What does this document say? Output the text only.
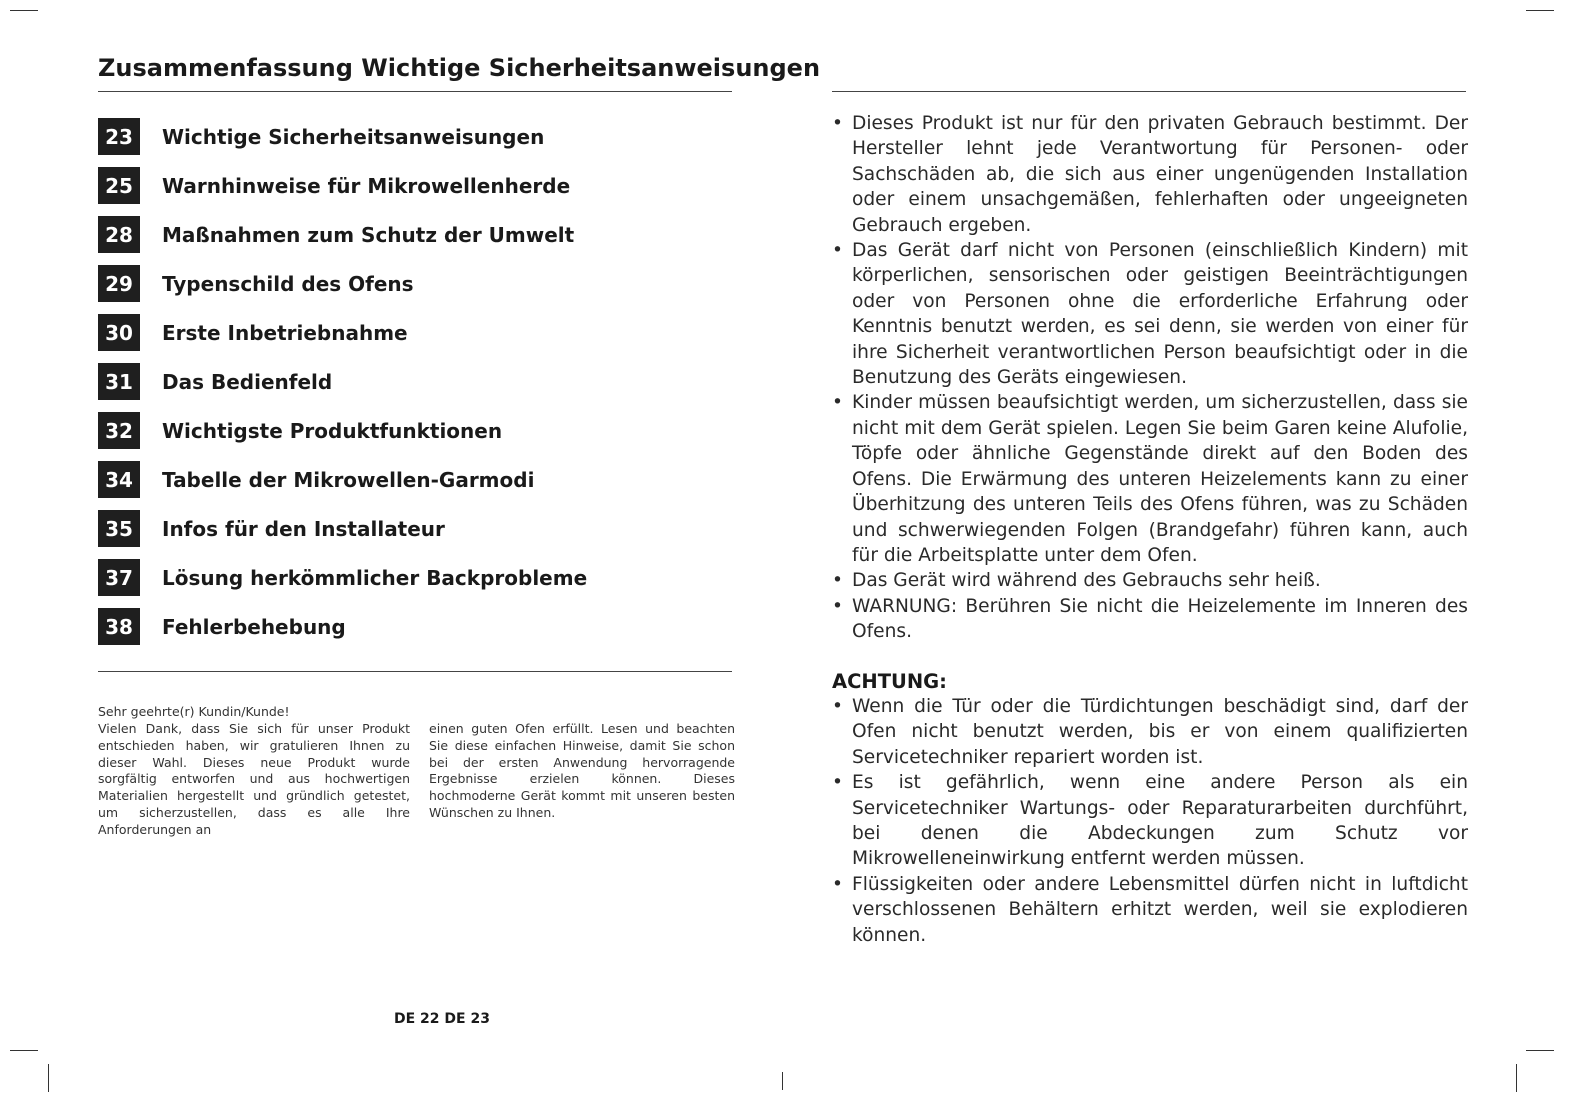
Zusammenfassung Wichtige Sicherheitsanweisungen
23	Wichtige Sicherheitsanweisungen
25	Warnhinweise für Mikrowellenherde
28	Maßnahmen zum Schutz der Umwelt
29	Typenschild des Ofens
30	Erste Inbetriebnahme
31	Das Bedienfeld
32	Wichtigste Produktfunktionen
34	Tabelle der Mikrowellen-Garmodi
35	Infos für den Installateur
37	Lösung herkömmlicher Backprobleme
38	Fehlerbehebung
Sehr geehrte(r) Kundin/Kunde!
Vielen Dank, dass Sie sich für unser Produkt entschieden haben, wir gratulieren Ihnen zu dieser Wahl. Dieses neue Produkt wurde sorgfältig entworfen und aus hochwertigen Materialien hergestellt und gründlich getestet, um sicherzustellen, dass es alle Ihre Anforderungen an
einen guten Ofen erfüllt. Lesen und beachten Sie diese einfachen Hinweise, damit Sie schon bei der ersten Anwendung hervorragende Ergebnisse erzielen können. Dieses hochmoderne Gerät kommt mit unseren besten Wünschen zu Ihnen.
DE 22 DE 23
• Dieses Produkt ist nur für den privaten Gebrauch bestimmt. Der Hersteller lehnt jede Verantwortung für Personen- oder Sachschäden ab, die sich aus einer ungenügenden Installation oder einem unsachgemäßen, fehlerhaften oder ungeeigneten Gebrauch ergeben.
• Das Gerät darf nicht von Personen (einschließlich Kindern) mit körperlichen, sensorischen oder geistigen Beeinträchtigungen oder von Personen ohne die erforderliche Erfahrung oder Kenntnis benutzt werden, es sei denn, sie werden von einer für ihre Sicherheit verantwortlichen Person beaufsichtigt oder in die Benutzung des Geräts eingewiesen.
• Kinder müssen beaufsichtigt werden, um sicherzustellen, dass sie nicht mit dem Gerät spielen. Legen Sie beim Garen keine Alufolie, Töpfe oder ähnliche Gegenstände direkt auf den Boden des Ofens. Die Erwärmung des unteren Heizelements kann zu einer Überhitzung des unteren Teils des Ofens führen, was zu Schäden und schwerwiegenden Folgen (Brandgefahr) führen kann, auch für die Arbeitsplatte unter dem Ofen.
• Das Gerät wird während des Gebrauchs sehr heiß.
• WARNUNG: Berühren Sie nicht die Heizelemente im Inneren des Ofens.
ACHTUNG:
• Wenn die Tür oder die Türdichtungen beschädigt sind, darf der Ofen nicht benutzt werden, bis er von einem qualifizierten Servicetechniker repariert worden ist.
• Es ist gefährlich, wenn eine andere Person als ein Servicetechniker Wartungs- oder Reparaturarbeiten durchführt, bei denen die Abdeckungen zum Schutz vor Mikrowelleneinwirkung entfernt werden müssen.
• Flüssigkeiten oder andere Lebensmittel dürfen nicht in luftdicht verschlossenen Behältern erhitzt werden, weil sie explodieren können.
